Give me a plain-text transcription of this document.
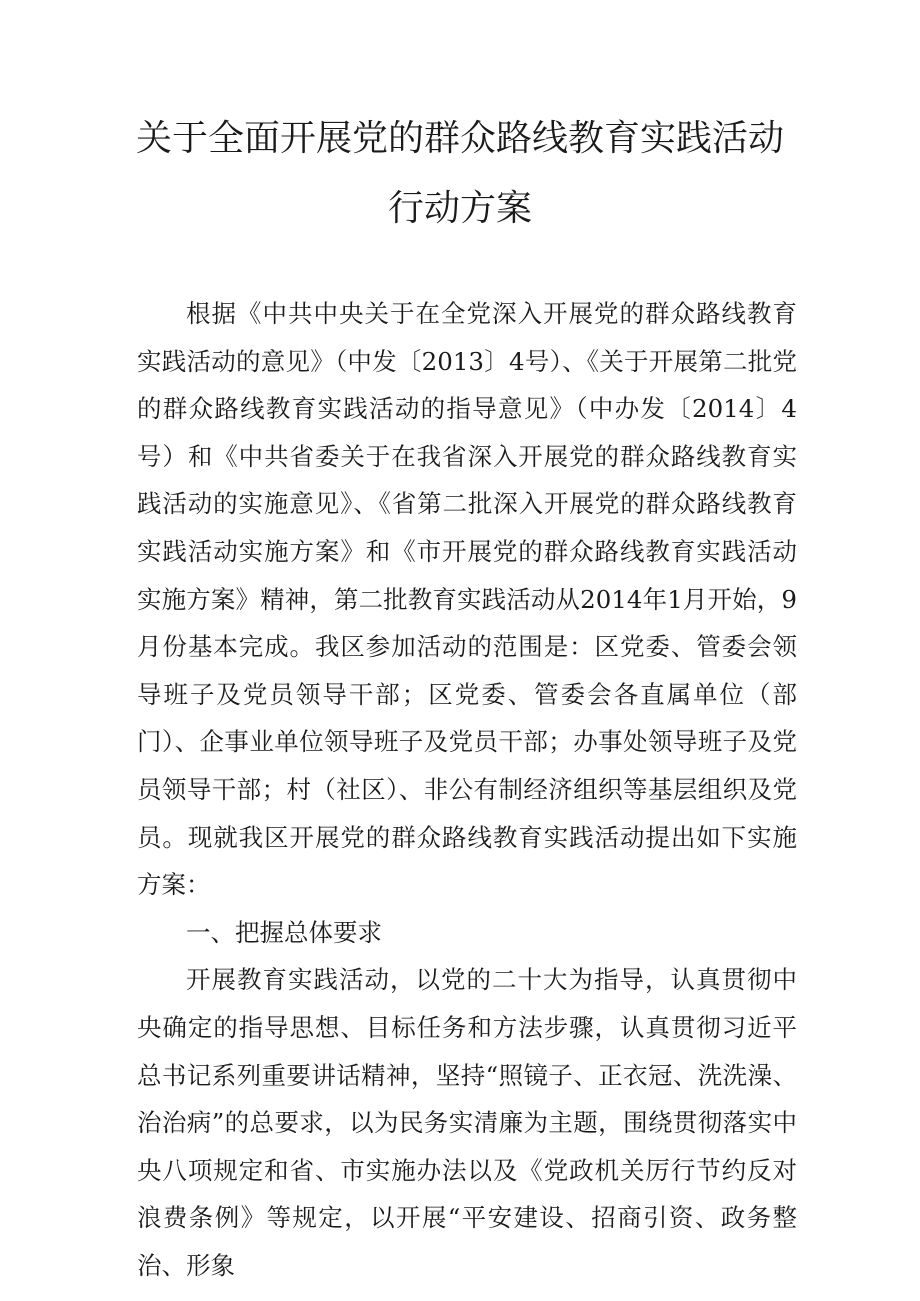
关于全面开展党的群众路线教育实践活动
行动方案

根据《中共中央关于在全党深入开展党的群众路线教育实践活动的意见》（中发〔2013〕4号）、《关于开展第二批党的群众路线教育实践活动的指导意见》（中办发〔2014〕4号）和《中共省委关于在我省深入开展党的群众路线教育实践活动的实施意见》、《省第二批深入开展党的群众路线教育实践活动实施方案》和《市开展党的群众路线教育实践活动实施方案》精神，第二批教育实践活动从2014年1月开始，9月份基本完成。我区参加活动的范围是：区党委、管委会领导班子及党员领导干部；区党委、管委会各直属单位（部门）、企事业单位领导班子及党员干部；办事处领导班子及党员领导干部；村（社区）、非公有制经济组织等基层组织及党员。现就我区开展党的群众路线教育实践活动提出如下实施方案：

一、把握总体要求

开展教育实践活动，以党的二十大为指导，认真贯彻中央确定的指导思想、目标任务和方法步骤，认真贯彻习近平总书记系列重要讲话精神，坚持“照镜子、正衣冠、洗洗澡、治治病”的总要求，以为民务实清廉为主题，围绕贯彻落实中央八项规定和省、市实施办法以及《党政机关厉行节约反对浪费条例》等规定，以开展“平安建设、招商引资、政务整治、形象
